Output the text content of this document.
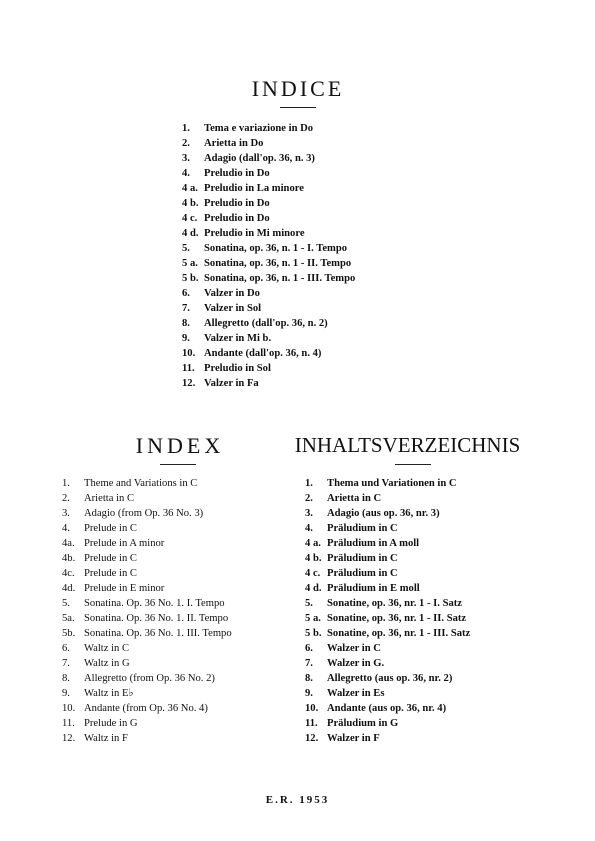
INDICE
1. Tema e variazione in Do
2. Arietta in Do
3. Adagio (dall'op. 36, n. 3)
4. Preludio in Do
4 a. Preludio in La minore
4 b. Preludio in Do
4 c. Preludio in Do
4 d. Preludio in Mi minore
5. Sonatina, op. 36, n. 1 - I. Tempo
5 a. Sonatina, op. 36, n. 1 - II. Tempo
5 b. Sonatina, op. 36, n. 1 - III. Tempo
6. Valzer in Do
7. Valzer in Sol
8. Allegretto (dall'op. 36, n. 2)
9. Valzer in Mi b.
10. Andante (dall'op. 36, n. 4)
11. Preludio in Sol
12. Valzer in Fa
INDEX
1. Theme and Variations in C
2. Arietta in C
3. Adagio (from Op. 36 No. 3)
4. Prelude in C
4a. Prelude in A minor
4b. Prelude in C
4c. Prelude in C
4d. Prelude in E minor
5. Sonatina. Op. 36 No. 1. I. Tempo
5a. Sonatina. Op. 36 No. 1. II. Tempo
5b. Sonatina. Op. 36 No. 1. III. Tempo
6. Waltz in C
7. Waltz in G
8. Allegretto (from Op. 36 No. 2)
9. Waltz in E♭
10. Andante (from Op. 36 No. 4)
11. Prelude in G
12. Waltz in F
INHALTSVERZEICHNIS
1. Thema und Variationen in C
2. Arietta in C
3. Adagio (aus op. 36, nr. 3)
4. Präludium in C
4 a. Präludium in A moll
4 b. Präludium in C
4 c. Präludium in C
4 d. Präludium in E moll
5. Sonatine, op. 36, nr. 1 - I. Satz
5 a. Sonatine, op. 36, nr. 1 - II. Satz
5 b. Sonatine, op. 36, nr. 1 - III. Satz
6. Walzer in C
7. Walzer in G.
8. Allegretto (aus op. 36, nr. 2)
9. Walzer in Es
10. Andante (aus op. 36, nr. 4)
11. Präludium in G
12. Walzer in F
E.R. 1953
